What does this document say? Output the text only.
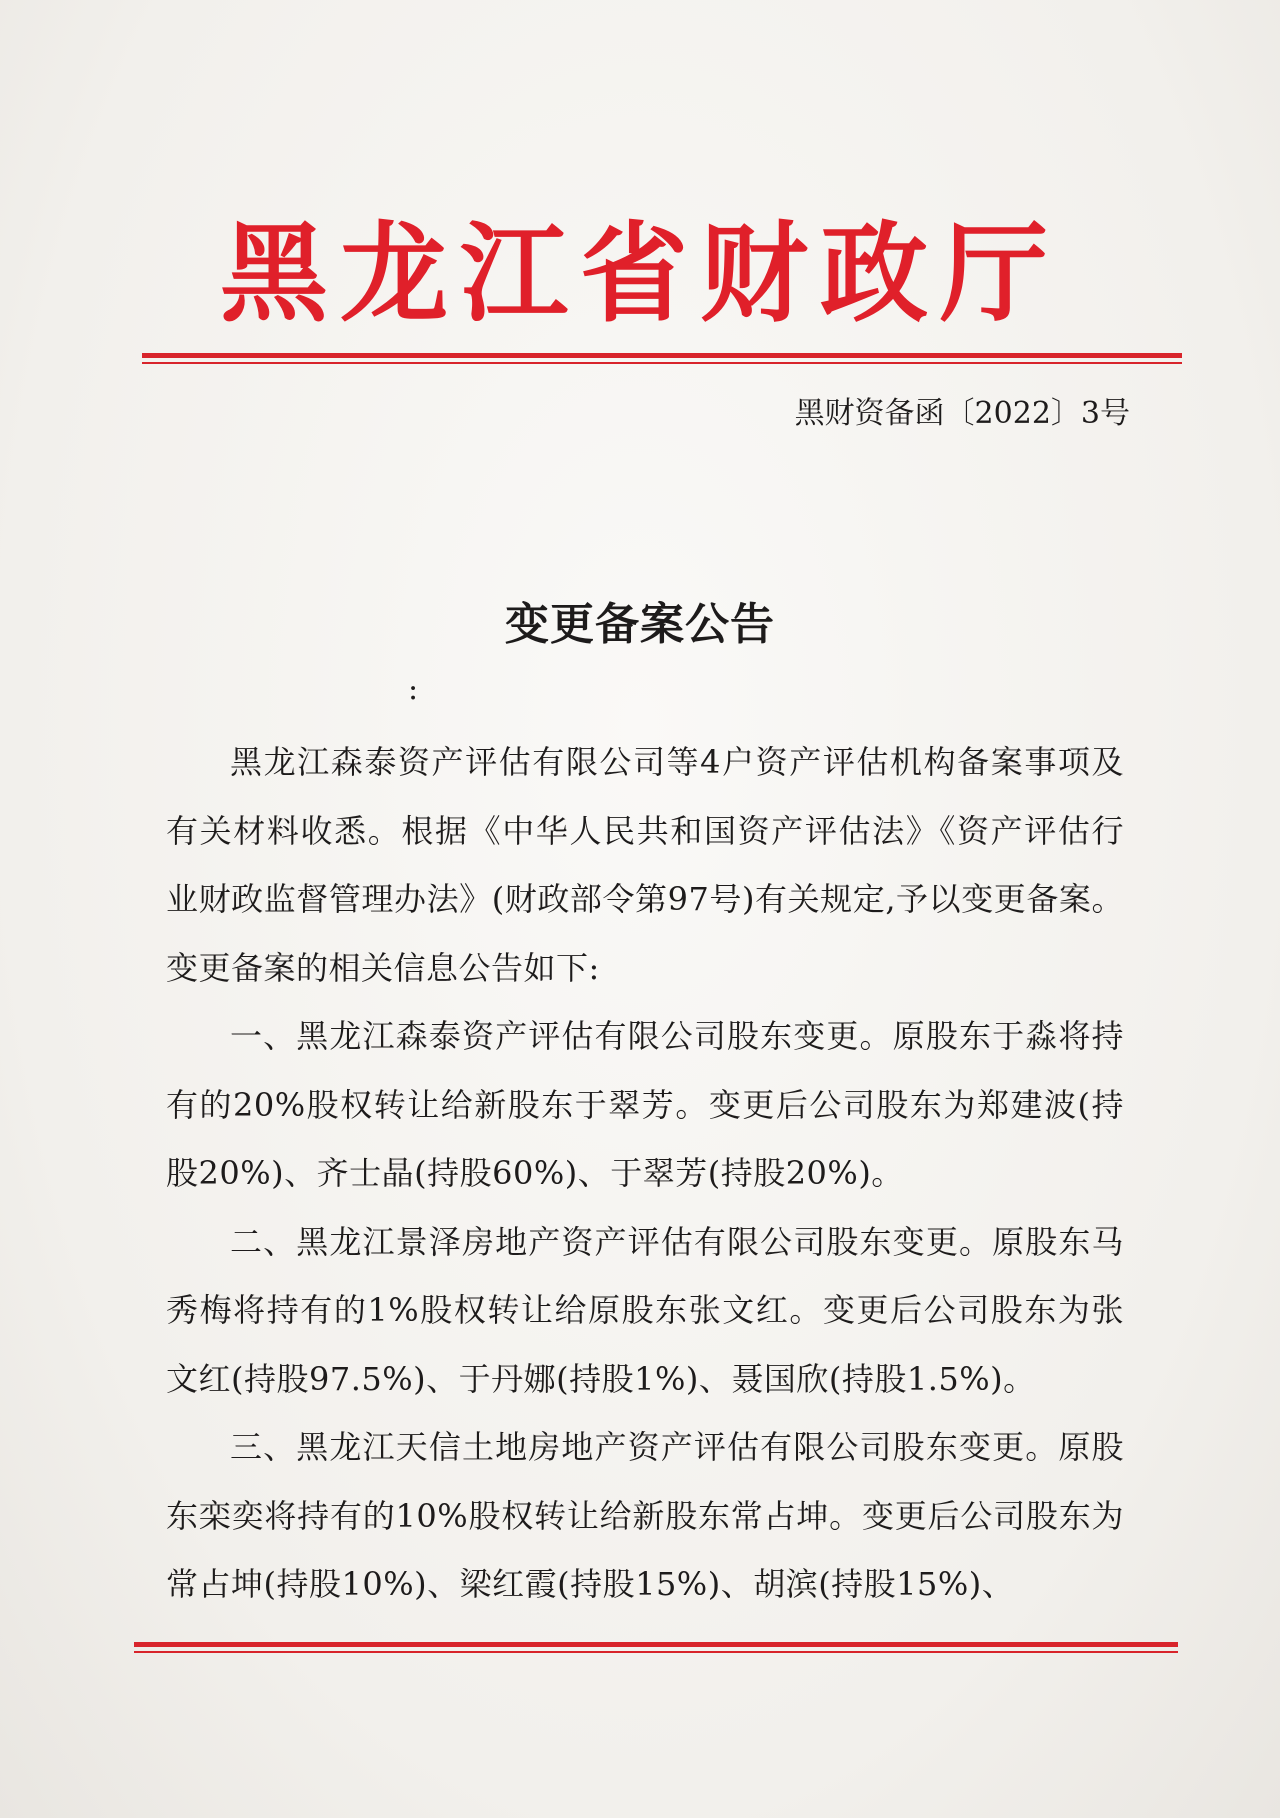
黑龙江省财政厅
黑财资备函〔2022〕3号
变更备案公告
:

黑龙江森泰资产评估有限公司等4户资产评估机构备案事项及有关材料收悉。根据《中华人民共和国资产评估法》《资产评估行业财政监督管理办法》(财政部令第97号)有关规定,予以变更备案。变更备案的相关信息公告如下:

一、黑龙江森泰资产评估有限公司股东变更。原股东于淼将持有的20%股权转让给新股东于翠芳。变更后公司股东为郑建波(持股20%)、齐士晶(持股60%)、于翠芳(持股20%)。

二、黑龙江景泽房地产资产评估有限公司股东变更。原股东马秀梅将持有的1%股权转让给原股东张文红。变更后公司股东为张文红(持股97.5%)、于丹娜(持股1%)、聂国欣(持股1.5%)。

三、黑龙江天信土地房地产资产评估有限公司股东变更。原股东栾奕将持有的10%股权转让给新股东常占坤。变更后公司股东为常占坤(持股10%)、梁红霞(持股15%)、胡滨(持股15%)、
